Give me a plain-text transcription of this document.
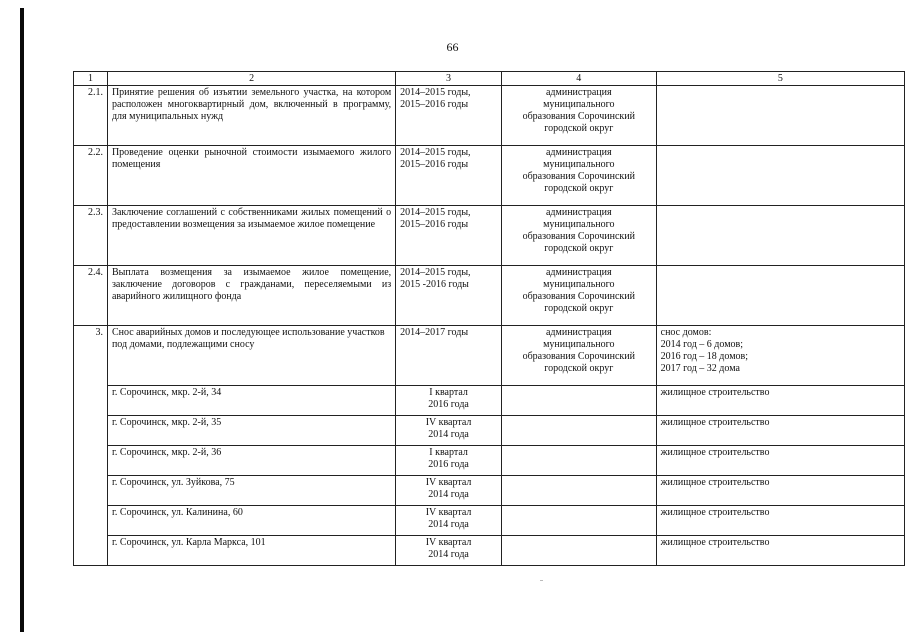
66
1	2	3	4	5
2.1.	Принятие решения об изъятии земельного участка, на котором расположен многоквартирный дом, включенный в программу, для муниципальных нужд	2014–2015 годы,
2015–2016 годы	администрация
муниципального
образования Сорочинский
городской округ	
2.2.	Проведение оценки рыночной стоимости изымаемого жилого помещения	2014–2015 годы,
2015–2016 годы	администрация
муниципального
образования Сорочинский
городской округ	
2.3.	Заключение соглашений с собственниками жилых помещений о предоставлении возмещения за изымаемое жилое помещение	2014–2015 годы,
2015–2016 годы	администрация
муниципального
образования Сорочинский
городской округ	
2.4.	Выплата возмещения за изымаемое жилое помещение, заключение договоров с гражданами, переселяемыми из аварийного жилищного фонда	2014–2015 годы,
2015 -2016 годы	администрация
муниципального
образования Сорочинский
городской округ	
3.	Снос аварийных домов и последующее использование участков под домами, подлежащими сносу	2014–2017 годы	администрация
муниципального
образования Сорочинский
городской округ	снос домов:
2014 год – 6 домов;
2016 год – 18 домов;
2017 год – 32 дома
	г. Сорочинск, мкр. 2-й, 34	I квартал
2016 года		жилищное строительство
	г. Сорочинск, мкр. 2-й, 35	IV квартал
2014 года		жилищное строительство
	г. Сорочинск, мкр. 2-й, 36	I квартал
2016 года		жилищное строительство
	г. Сорочинск, ул. Зуйкова, 75	IV квартал
2014 года		жилищное строительство
	г. Сорочинск, ул. Калинина, 60	IV квартал
2014 года		жилищное строительство
	г. Сорочинск, ул. Карла Маркса, 101	IV квартал
2014 года		жилищное строительство
